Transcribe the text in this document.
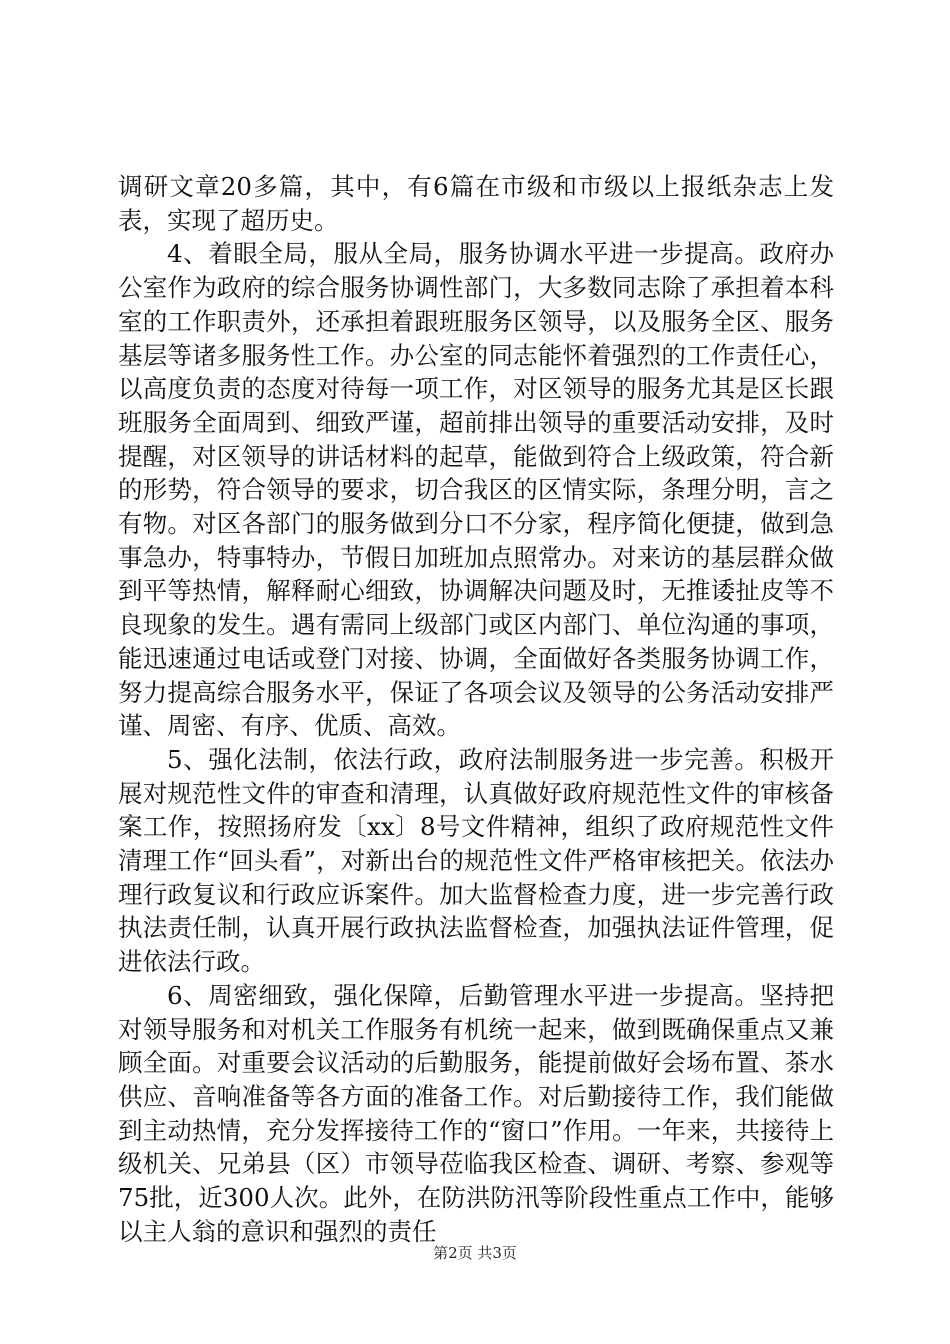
调研文章20多篇，其中，有6篇在市级和市级以上报纸杂志上发表，实现了超历史。

4、着眼全局，服从全局，服务协调水平进一步提高。政府办公室作为政府的综合服务协调性部门，大多数同志除了承担着本科室的工作职责外，还承担着跟班服务区领导，以及服务全区、服务基层等诸多服务性工作。办公室的同志能怀着强烈的工作责任心，以高度负责的态度对待每一项工作，对区领导的服务尤其是区长跟班服务全面周到、细致严谨，超前排出领导的重要活动安排，及时提醒，对区领导的讲话材料的起草，能做到符合上级政策，符合新的形势，符合领导的要求，切合我区的区情实际，条理分明，言之有物。对区各部门的服务做到分口不分家，程序简化便捷，做到急事急办，特事特办，节假日加班加点照常办。对来访的基层群众做到平等热情，解释耐心细致，协调解决问题及时，无推诿扯皮等不良现象的发生。遇有需同上级部门或区内部门、单位沟通的事项，能迅速通过电话或登门对接、协调，全面做好各类服务协调工作，努力提高综合服务水平，保证了各项会议及领导的公务活动安排严谨、周密、有序、优质、高效。

5、强化法制，依法行政，政府法制服务进一步完善。积极开展对规范性文件的审查和清理，认真做好政府规范性文件的审核备案工作，按照扬府发〔xx〕8号文件精神，组织了政府规范性文件清理工作“回头看”，对新出台的规范性文件严格审核把关。依法办理行政复议和行政应诉案件。加大监督检查力度，进一步完善行政执法责任制，认真开展行政执法监督检查，加强执法证件管理，促进依法行政。

6、周密细致，强化保障，后勤管理水平进一步提高。坚持把对领导服务和对机关工作服务有机统一起来，做到既确保重点又兼顾全面。对重要会议活动的后勤服务，能提前做好会场布置、茶水供应、音响准备等各方面的准备工作。对后勤接待工作，我们能做到主动热情，充分发挥接待工作的“窗口”作用。一年来，共接待上级机关、兄弟县（区）市领导莅临我区检查、调研、考察、参观等75批，近300人次。此外，在防洪防汛等阶段性重点工作中，能够以主人翁的意识和强烈的责任

第2页 共3页
